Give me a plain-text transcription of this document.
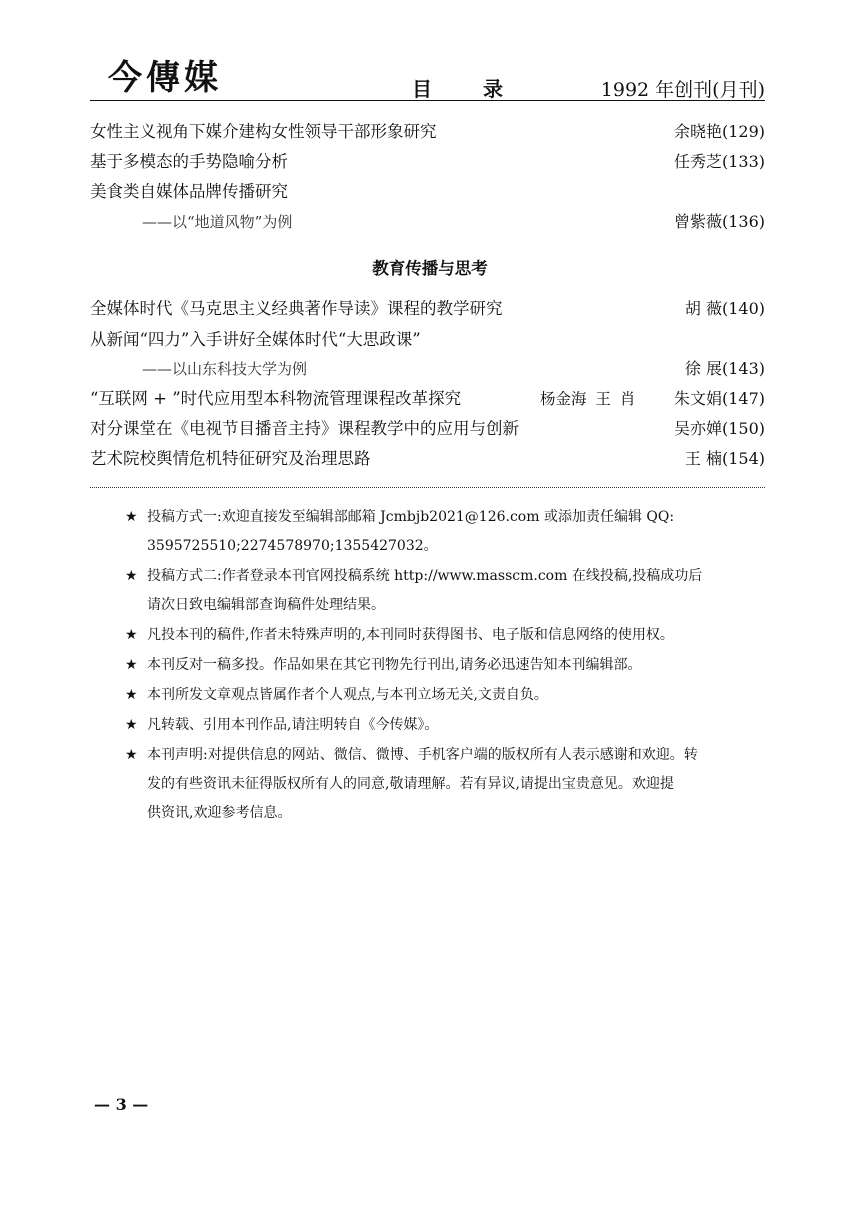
今傳媒	目 录	1992 年创刊(月刊)
女性主义视角下媒介建构女性领导干部形象研究	余晓艳(129)
基于多模态的手势隐喻分析	任秀芝(133)
美食类自媒体品牌传播研究
——以“地道风物”为例	曾紫薇(136)
教育传播与思考
全媒体时代《马克思主义经典著作导读》课程的教学研究	胡 薇(140)
从新闻“四力”入手讲好全媒体时代“大思政课”
——以山东科技大学为例	徐 展(143)
“互联网 + ”时代应用型本科物流管理课程改革探究	杨金海 王 肖 朱文娟(147)
对分课堂在《电视节目播音主持》课程教学中的应用与创新	吴亦婵(150)
艺术院校舆情危机特征研究及治理思路	王 楠(154)
★ 投稿方式一:欢迎直接发至编辑部邮箱 Jcmbjb2021@126.com 或添加责任编辑 QQ:
3595725510;2274578970;1355427032。
★ 投稿方式二:作者登录本刊官网投稿系统 http://www.masscm.com 在线投稿,投稿成功后
请次日致电编辑部查询稿件处理结果。
★ 凡投本刊的稿件,作者未特殊声明的,本刊同时获得图书、电子版和信息网络的使用权。
★ 本刊反对一稿多投。作品如果在其它刊物先行刊出,请务必迅速告知本刊编辑部。
★ 本刊所发文章观点皆属作者个人观点,与本刊立场无关,文责自负。
★ 凡转载、引用本刊作品,请注明转自《今传媒》。
★ 本刊声明:对提供信息的网站、微信、微博、手机客户端的版权所有人表示感谢和欢迎。转
发的有些资讯未征得版权所有人的同意,敬请理解。若有异议,请提出宝贵意见。欢迎提
供资讯,欢迎参考信息。
— 3 —
